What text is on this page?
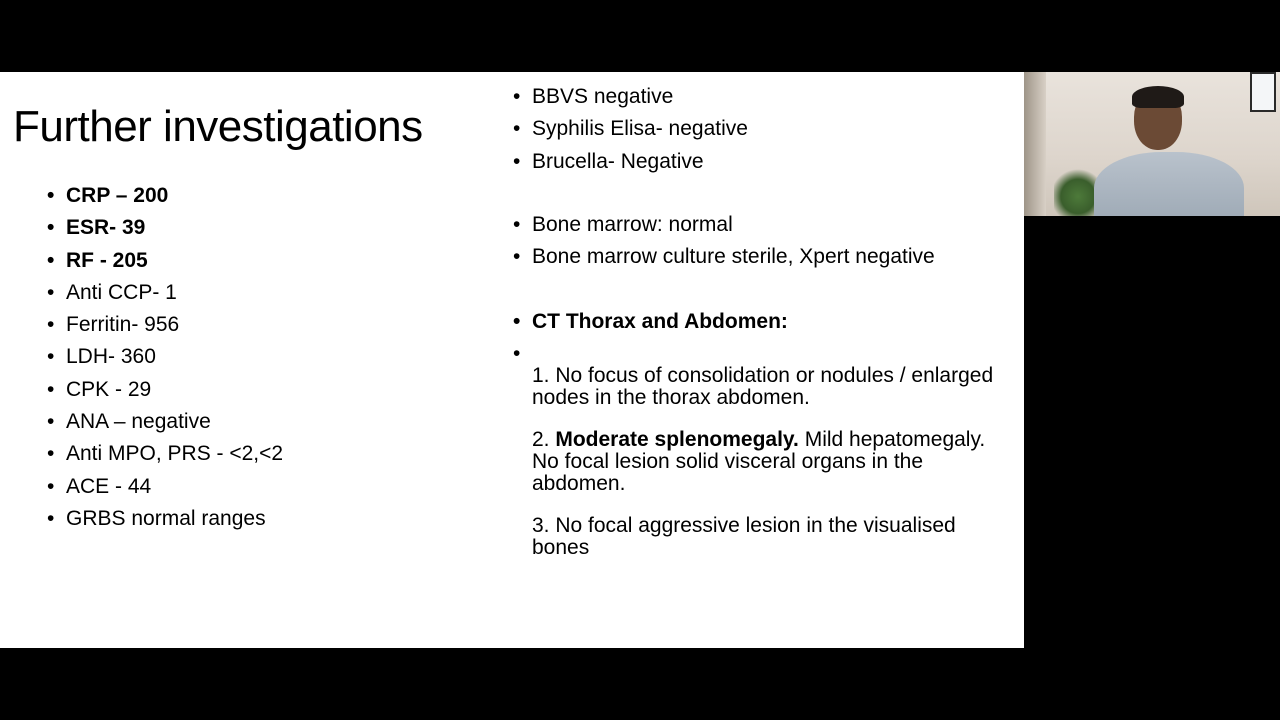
Further investigations
• CRP – 200
• ESR- 39
• RF - 205
• Anti CCP- 1
• Ferritin- 956
• LDH- 360
• CPK - 29
• ANA – negative
• Anti MPO, PRS - <2,<2
• ACE - 44
• GRBS normal ranges
• BBVS negative
• Syphilis Elisa- negative
• Brucella- Negative
• Bone marrow: normal
• Bone marrow culture sterile, Xpert negative
• CT Thorax and Abdomen:

1. No focus of consolidation or nodules / enlarged nodes in the thorax abdomen.

2. Moderate splenomegaly. Mild hepatomegaly. No focal lesion solid visceral organs in the abdomen.

3. No focal aggressive lesion in the visualised bones
